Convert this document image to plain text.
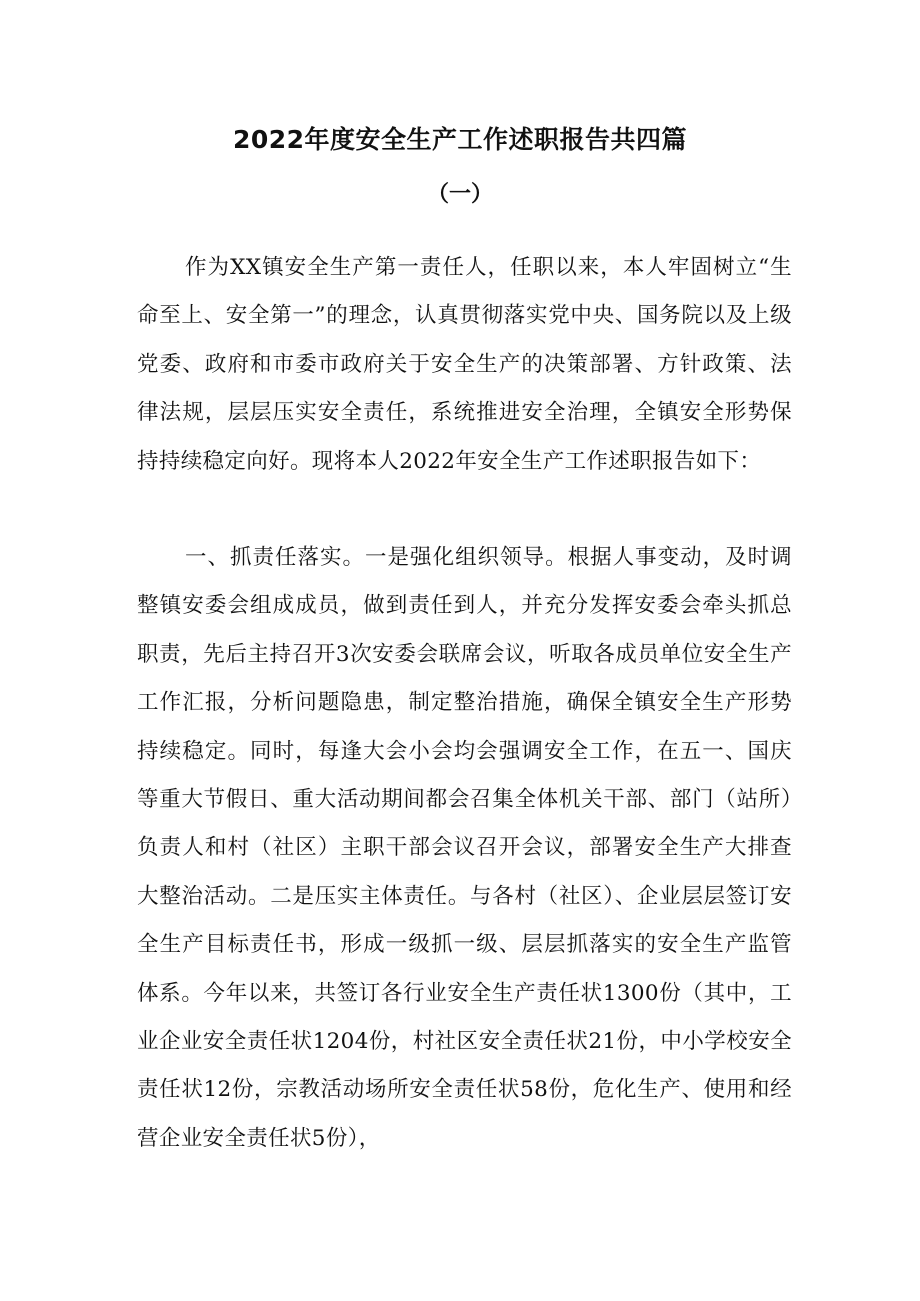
2022年度安全生产工作述职报告共四篇
（一）

作为XX镇安全生产第一责任人，任职以来，本人牢固树立“生命至上、安全第一”的理念，认真贯彻落实党中央、国务院以及上级党委、政府和市委市政府关于安全生产的决策部署、方针政策、法律法规，层层压实安全责任，系统推进安全治理，全镇安全形势保持持续稳定向好。现将本人2022年安全生产工作述职报告如下：

一、抓责任落实。一是强化组织领导。根据人事变动，及时调整镇安委会组成成员，做到责任到人，并充分发挥安委会牵头抓总职责，先后主持召开3次安委会联席会议，听取各成员单位安全生产工作汇报，分析问题隐患，制定整治措施，确保全镇安全生产形势持续稳定。同时，每逢大会小会均会强调安全工作，在五一、国庆等重大节假日、重大活动期间都会召集全体机关干部、部门（站所）负责人和村（社区）主职干部会议召开会议，部署安全生产大排查大整治活动。二是压实主体责任。与各村（社区）、企业层层签订安全生产目标责任书，形成一级抓一级、层层抓落实的安全生产监管体系。今年以来，共签订各行业安全生产责任状1300份（其中，工业企业安全责任状1204份，村社区安全责任状21份，中小学校安全责任状12份，宗教活动场所安全责任状58份，危化生产、使用和经营企业安全责任状5份），
